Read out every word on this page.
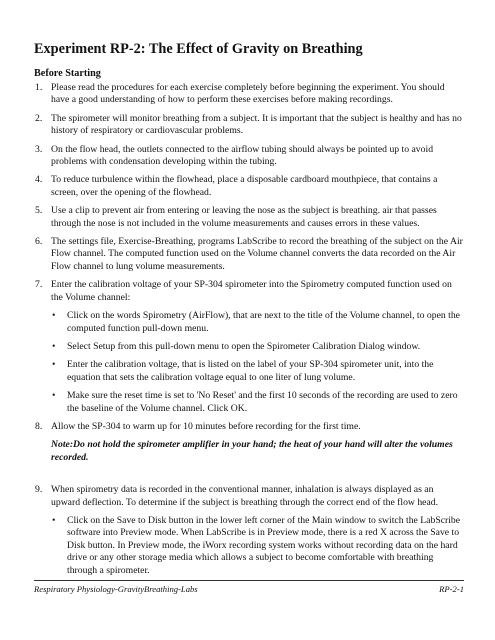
Experiment RP-2: The Effect of Gravity on Breathing
Before Starting
1. Please read the procedures for each exercise completely before beginning the experiment. You should have a good understanding of how to perform these exercises before making recordings.
2. The spirometer will monitor breathing from a subject. It is important that the subject is healthy and has no history of respiratory or cardiovascular problems.
3. On the flow head, the outlets connected to the airflow tubing should always be pointed up to avoid problems with condensation developing within the tubing.
4. To reduce turbulence within the flowhead, place a disposable cardboard mouthpiece, that contains a screen, over the opening of the flowhead.
5. Use a clip to prevent air from entering or leaving the nose as the subject is breathing. air that passes through the nose is not included in the volume measurements and causes errors in these values.
6. The settings file, Exercise-Breathing, programs LabScribe to record the breathing of the subject on the Air Flow channel. The computed function used on the Volume channel converts the data recorded on the Air Flow channel to lung volume measurements.
7. Enter the calibration voltage of your SP-304 spirometer into the Spirometry computed function used on the Volume channel:
• Click on the words Spirometry (AirFlow), that are next to the title of the Volume channel, to open the computed function pull-down menu.
• Select Setup from this pull-down menu to open the Spirometer Calibration Dialog window.
• Enter the calibration voltage, that is listed on the label of your SP-304 spirometer unit, into the equation that sets the calibration voltage equal to one liter of lung volume.
• Make sure the reset time is set to 'No Reset' and the first 10 seconds of the recording are used to zero the baseline of the Volume channel. Click OK.
8. Allow the SP-304 to warm up for 10 minutes before recording for the first time.

Note:Do not hold the spirometer amplifier in your hand; the heat of your hand will alter the volumes recorded.

9. When spirometry data is recorded in the conventional manner, inhalation is always displayed as an upward deflection. To determine if the subject is breathing through the correct end of the flow head.
• Click on the Save to Disk button in the lower left corner of the Main window to switch the LabScribe software into Preview mode. When LabScribe is in Preview mode, there is a red X across the Save to Disk button. In Preview mode, the iWorx recording system works without recording data on the hard drive or any other storage media which allows a subject to become comfortable with breathing through a spirometer.
Respiratory Physiology-GravityBreathing-Labs	RP-2-1
